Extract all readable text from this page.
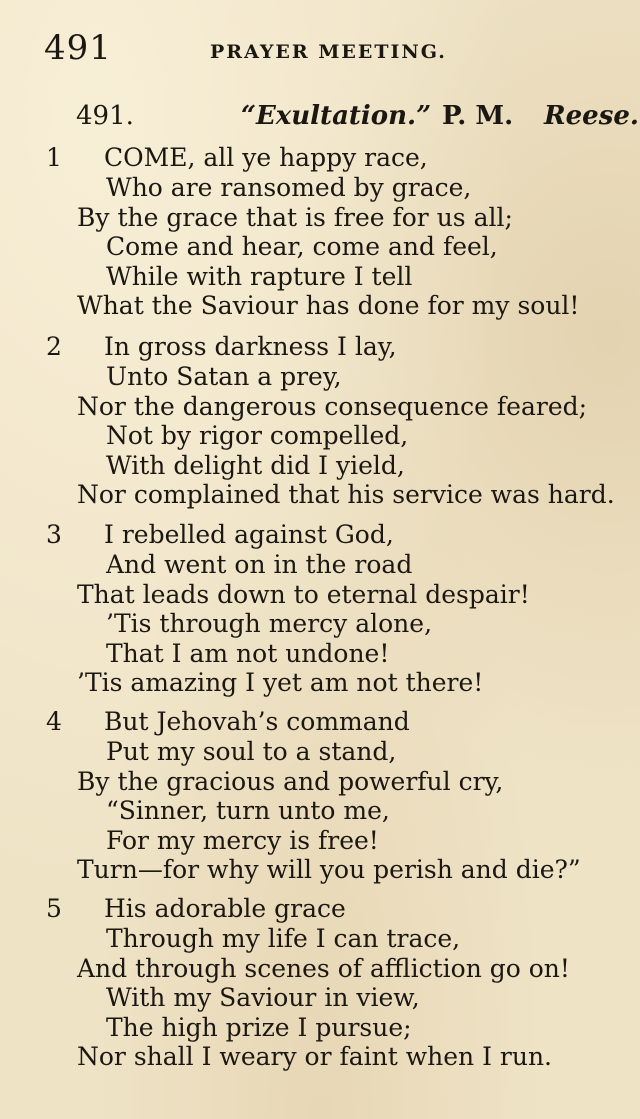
491	PRAYER MEETING.
491.	“Exultation.” P. M. Reese.
1 COME, all ye happy race,
Who are ransomed by grace,
By the grace that is free for us all;
Come and hear, come and feel,
While with rapture I tell
What the Saviour has done for my soul!
2 In gross darkness I lay,
Unto Satan a prey,
Nor the dangerous consequence feared;
Not by rigor compelled,
With delight did I yield,
Nor complained that his service was hard.
3 I rebelled against God,
And went on in the road
That leads down to eternal despair!
’Tis through mercy alone,
That I am not undone!
’Tis amazing I yet am not there!
4 But Jehovah’s command
Put my soul to a stand,
By the gracious and powerful cry,
“Sinner, turn unto me,
For my mercy is free!
Turn—for why will you perish and die?”
5 His adorable grace
Through my life I can trace,
And through scenes of affliction go on!
With my Saviour in view,
The high prize I pursue;
Nor shall I weary or faint when I run.
